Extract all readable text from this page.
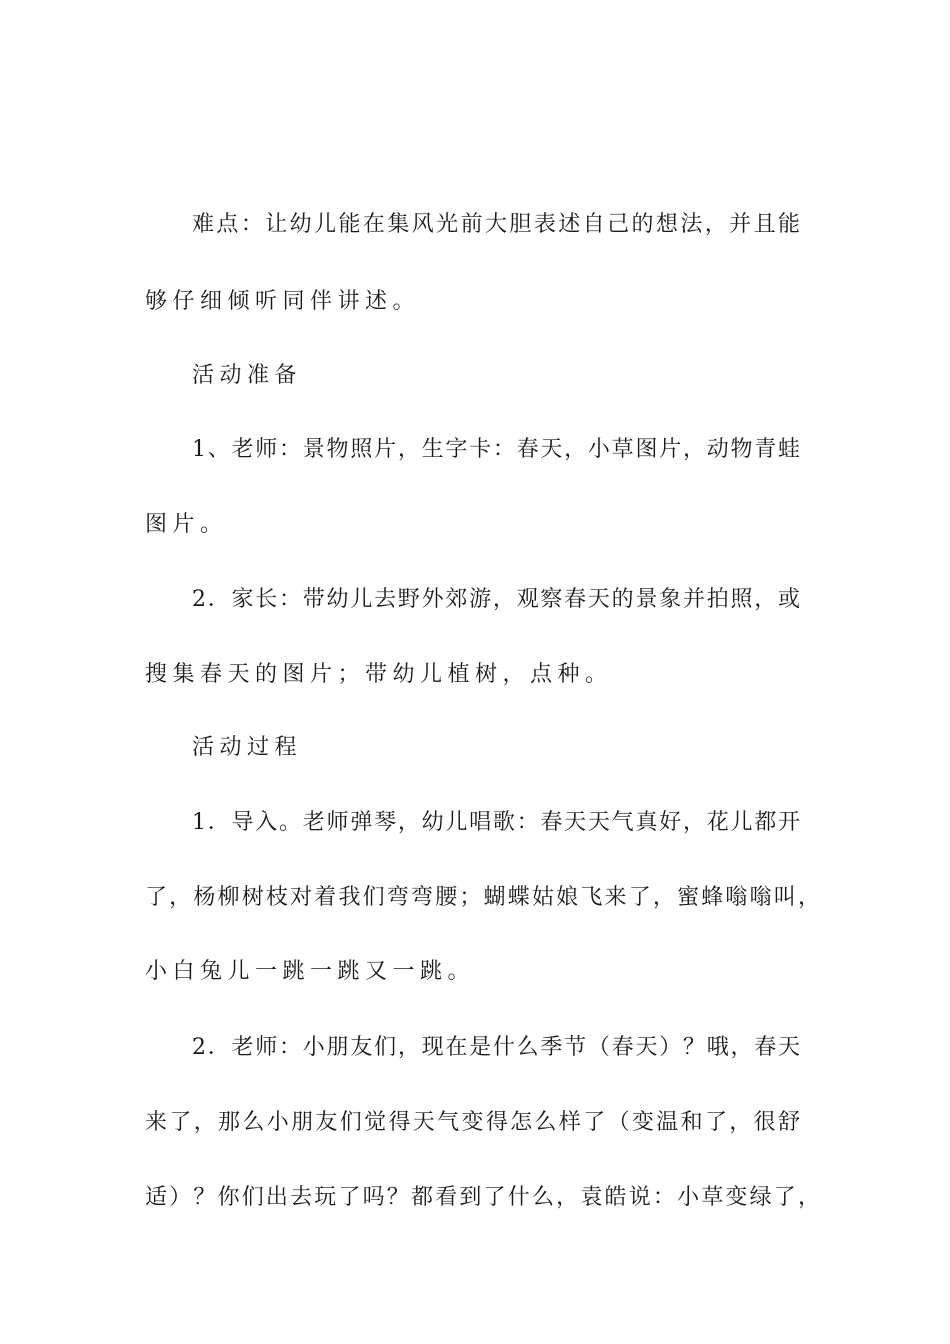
难点：让幼儿能在集风光前大胆表述自己的想法，并且能
够仔细倾听同伴讲述。
活动准备
1、老师：景物照片，生字卡：春天，小草图片，动物青蛙
图片。
2．家长：带幼儿去野外郊游，观察春天的景象并拍照，或
搜集春天的图片；带幼儿植树，点种。
活动过程
1．导入。老师弹琴，幼儿唱歌：春天天气真好，花儿都开
了，杨柳树枝对着我们弯弯腰；蝴蝶姑娘飞来了，蜜蜂嗡嗡叫，
小白兔儿一跳一跳又一跳。
2．老师：小朋友们，现在是什么季节（春天）？哦，春天
来了，那么小朋友们觉得天气变得怎么样了（变温和了，很舒
适）？你们出去玩了吗？都看到了什么，袁皓说：小草变绿了，
